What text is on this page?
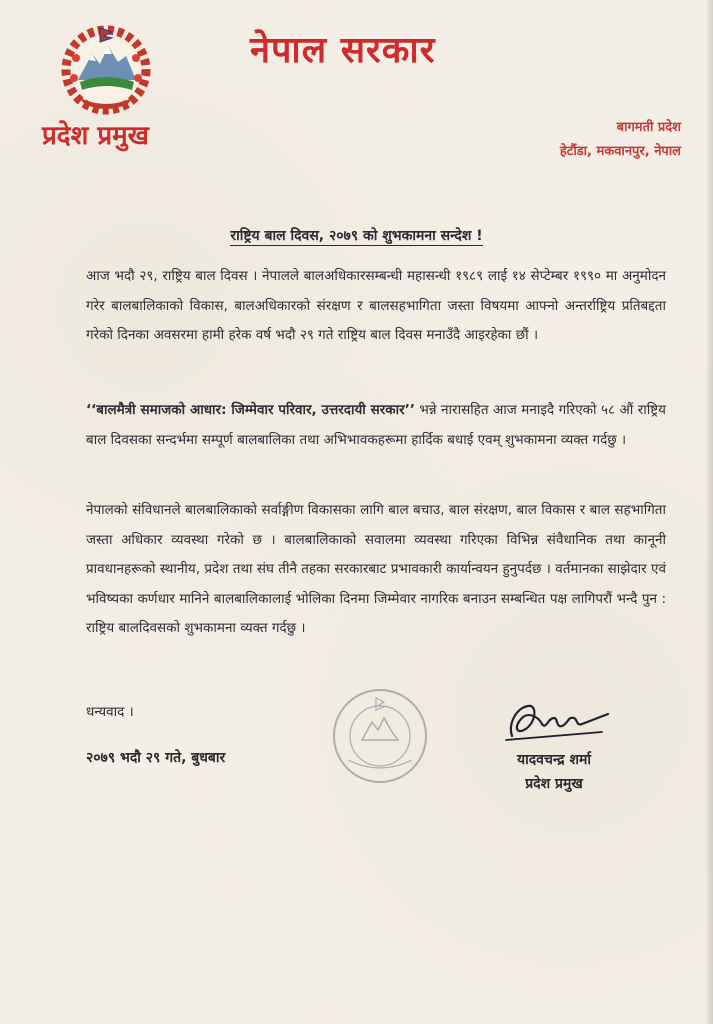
नेपाल सरकार
प्रदेश प्रमुख	बागमती प्रदेश
हेटौंडा, मकवानपुर, नेपाल
राष्ट्रिय बाल दिवस, २०७९ को शुभकामना सन्देश !
आज भदौ २९, राष्ट्रिय बाल दिवस । नेपालले बालअधिकारसम्बन्धी महासन्धी १९८९ लाई १४ सेप्टेम्बर १९९० मा अनुमोदन गरेर बालबालिकाको विकास, बालअधिकारको संरक्षण र बालसहभागिता जस्ता विषयमा आफ्नो अन्तर्राष्ट्रिय प्रतिबद्दता गरेको दिनका अवसरमा हामी हरेक वर्ष भदौ २९ गते राष्ट्रिय बाल दिवस मनाउँदै आइरहेका छौं ।
‘‘बालमैत्री समाजको आधार: जिम्मेवार परिवार, उत्तरदायी सरकार’’ भन्ने नारासहित आज मनाइदै गरिएको ५८ औं राष्ट्रिय बाल दिवसका सन्दर्भमा सम्पूर्ण बालबालिका तथा अभिभावकहरूमा हार्दिक बधाई एवम् शुभकामना व्यक्त गर्दछु ।
नेपालको संविधानले बालबालिकाको सर्वाङ्गीण विकासका लागि बाल बचाउ, बाल संरक्षण, बाल विकास र बाल सहभागिता जस्ता अधिकार व्यवस्था गरेको छ । बालबालिकाको सवालमा व्यवस्था गरिएका विभिन्न संवैधानिक तथा कानूनी प्रावधानहरूको स्थानीय, प्रदेश तथा संघ तीनै तहका सरकारबाट प्रभावकारी कार्यान्वयन हुनुपर्दछ । वर्तमानका साझेदार एवं भविष्यका कर्णधार मानिने बालबालिकालाई भोलिका दिनमा जिम्मेवार नागरिक बनाउन सम्बन्धित पक्ष लागिपरौं भन्दै पुन : राष्ट्रिय बालदिवसको शुभकामना व्यक्त गर्दछु ।
धन्यवाद ।
२०७९ भदौ २९ गते, बुधबार	यादवचन्द्र शर्मा
प्रदेश प्रमुख
